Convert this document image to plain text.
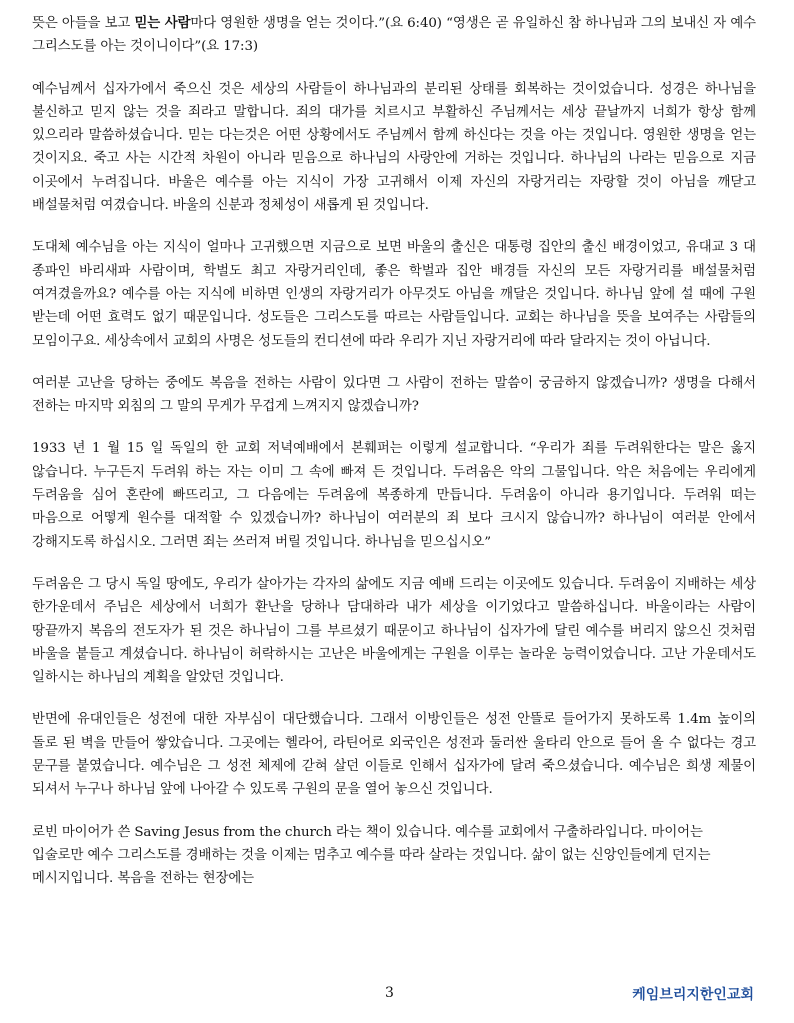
뜻은 아들을 보고 믿는 사람마다 영원한 생명을 얻는 것이다.”(요 6:40) “영생은 곧 유일하신 참 하나님과 그의 보내신 자 예수 그리스도를 아는 것이니이다”(요 17:3)

예수님께서 십자가에서 죽으신 것은 세상의 사람들이 하나님과의 분리된 상태를 회복하는 것이었습니다. 성경은 하나님을 불신하고 믿지 않는 것을 죄라고 말합니다. 죄의 대가를 치르시고 부활하신 주님께서는 세상 끝날까지 너희가 항상 함께 있으리라 말씀하셨습니다. 믿는 다는것은 어떤 상황에서도 주님께서 함께 하신다는 것을 아는 것입니다. 영원한 생명을 얻는 것이지요. 죽고 사는 시간적 차원이 아니라 믿음으로 하나님의 사랑안에 거하는 것입니다. 하나님의 나라는 믿음으로 지금 이곳에서 누려집니다. 바울은 예수를 아는 지식이 가장 고귀해서 이제 자신의 자랑거리는 자랑할 것이 아님을 깨닫고 배설물처럼 여겼습니다. 바울의 신분과 정체성이 새롭게 된 것입니다.

도대체 예수님을 아는 지식이 얼마나 고귀했으면 지금으로 보면 바울의 출신은 대통령 집안의 출신 배경이었고, 유대교 3 대 종파인 바리새파 사람이며, 학벌도 최고 자랑거리인데, 좋은 학벌과 집안 배경들 자신의 모든 자랑거리를 배설물처럼 여겨겼을까요? 예수를 아는 지식에 비하면 인생의 자랑거리가 아무것도 아님을 깨달은 것입니다. 하나님 앞에 설 때에 구원 받는데 어떤 효력도 없기 때문입니다. 성도들은 그리스도를 따르는 사람들입니다. 교회는 하나님을 뜻을 보여주는 사람들의 모임이구요. 세상속에서 교회의 사명은 성도들의 컨디션에 따라 우리가 지닌 자랑거리에 따라 달라지는 것이 아닙니다.

여러분 고난을 당하는 중에도 복음을 전하는 사람이 있다면 그 사람이 전하는 말씀이 궁금하지 않겠습니까? 생명을 다해서 전하는 마지막 외침의 그 말의 무게가 무겁게 느껴지지 않겠습니까?

1933 년 1 월 15 일 독일의 한 교회 저녁예배에서 본훼퍼는 이렇게 설교합니다. “우리가 죄를 두려워한다는 말은 옳지 않습니다. 누구든지 두려워 하는 자는 이미 그 속에 빠져 든 것입니다. 두려움은 악의 그물입니다. 악은 처음에는 우리에게 두려움을 심어 혼란에 빠뜨리고, 그 다음에는 두려움에 복종하게 만듭니다. 두려움이 아니라 용기입니다. 두려워 떠는 마음으로 어떻게 원수를 대적할 수 있겠습니까? 하나님이 여러분의 죄 보다 크시지 않습니까? 하나님이 여러분 안에서 강해지도록 하십시오. 그러면 죄는 쓰러져 버릴 것입니다. 하나님을 믿으십시오”

두려움은 그 당시 독일 땅에도, 우리가 살아가는 각자의 삶에도 지금 예배 드리는 이곳에도 있습니다. 두려움이 지배하는 세상 한가운데서 주님은 세상에서 너희가 환난을 당하나 담대하라 내가 세상을 이기었다고 말씀하십니다. 바울이라는 사람이 땅끝까지 복음의 전도자가 된 것은 하나님이 그를 부르셨기 때문이고 하나님이 십자가에 달린 예수를 버리지 않으신 것처럼 바울을 붙들고 계셨습니다. 하나님이 허락하시는 고난은 바울에게는 구원을 이루는 놀라운 능력이었습니다. 고난 가운데서도 일하시는 하나님의 계획을 알았던 것입니다.

반면에 유대인들은 성전에 대한 자부심이 대단했습니다. 그래서 이방인들은 성전 안뜰로 들어가지 못하도록 1.4m 높이의 돌로 된 벽을 만들어 쌓았습니다. 그곳에는 헬라어, 라틴어로 외국인은 성전과 둘러싼 울타리 안으로 들어 올 수 없다는 경고 문구를 붙였습니다. 예수님은 그 성전 체제에 갇혀 살던 이들로 인해서 십자가에 달려 죽으셨습니다. 예수님은 희생 제물이 되셔서 누구나 하나님 앞에 나아갈 수 있도록 구원의 문을 열어 놓으신 것입니다.

로빈 마이어가 쓴 Saving Jesus from the church 라는 책이 있습니다. 예수를 교회에서 구출하라입니다. 마이어는 입술로만 예수 그리스도를 경배하는 것을 이제는 멈추고 예수를 따라 살라는 것입니다. 삶이 없는 신앙인들에게 던지는 메시지입니다. 복음을 전하는 현장에는

3	케임브리지한인교회
